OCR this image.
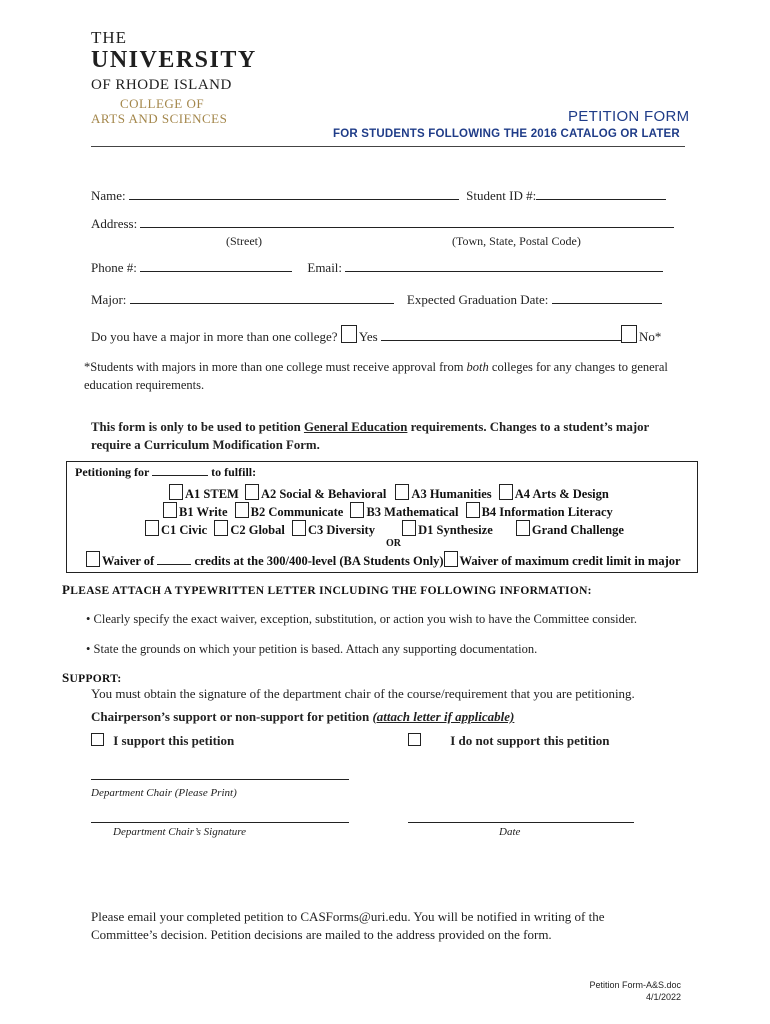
THE
UNIVERSITY
OF RHODE ISLAND
COLLEGE OF
ARTS AND SCIENCES	PETITION FORM
FOR STUDENTS FOLLOWING THE 2016 CATALOG OR LATER
Name:	Student ID #:
Address:
(Street)	(Town, State, Postal Code)
Phone #:	Email:
Major:	Expected Graduation Date:
Do you have a major in more than one college? Yes	No*
*Students with majors in more than one college must receive approval from both colleges for any changes to general education requirements.
This form is only to be used to petition General Education requirements. Changes to a student’s major require a Curriculum Modification Form.
Petitioning for	to fulfill:
A1 STEM A2 Social & Behavioral A3 Humanities A4 Arts & Design
B1 Write B2 Communicate B3 Mathematical B4 Information Literacy
C1 Civic C2 Global C3 Diversity	D1 Synthesize	Grand Challenge
OR
Waiver of	credits at the 300/400-level (BA Students Only) Waiver of maximum credit limit in major
PLEASE ATTACH A TYPEWRITTEN LETTER INCLUDING THE FOLLOWING INFORMATION:
• Clearly specify the exact waiver, exception, substitution, or action you wish to have the Committee consider.
• State the grounds on which your petition is based. Attach any supporting documentation.
SUPPORT:
You must obtain the signature of the department chair of the course/requirement that you are petitioning.
Chairperson’s support or non-support for petition (attach letter if applicable)
I support this petition	I do not support this petition
Department Chair (Please Print)
Department Chair’s Signature	Date
Please email your completed petition to CASForms@uri.edu. You will be notified in writing of the Committee’s decision. Petition decisions are mailed to the address provided on the form.
Petition Form-A&S.doc
4/1/2022
